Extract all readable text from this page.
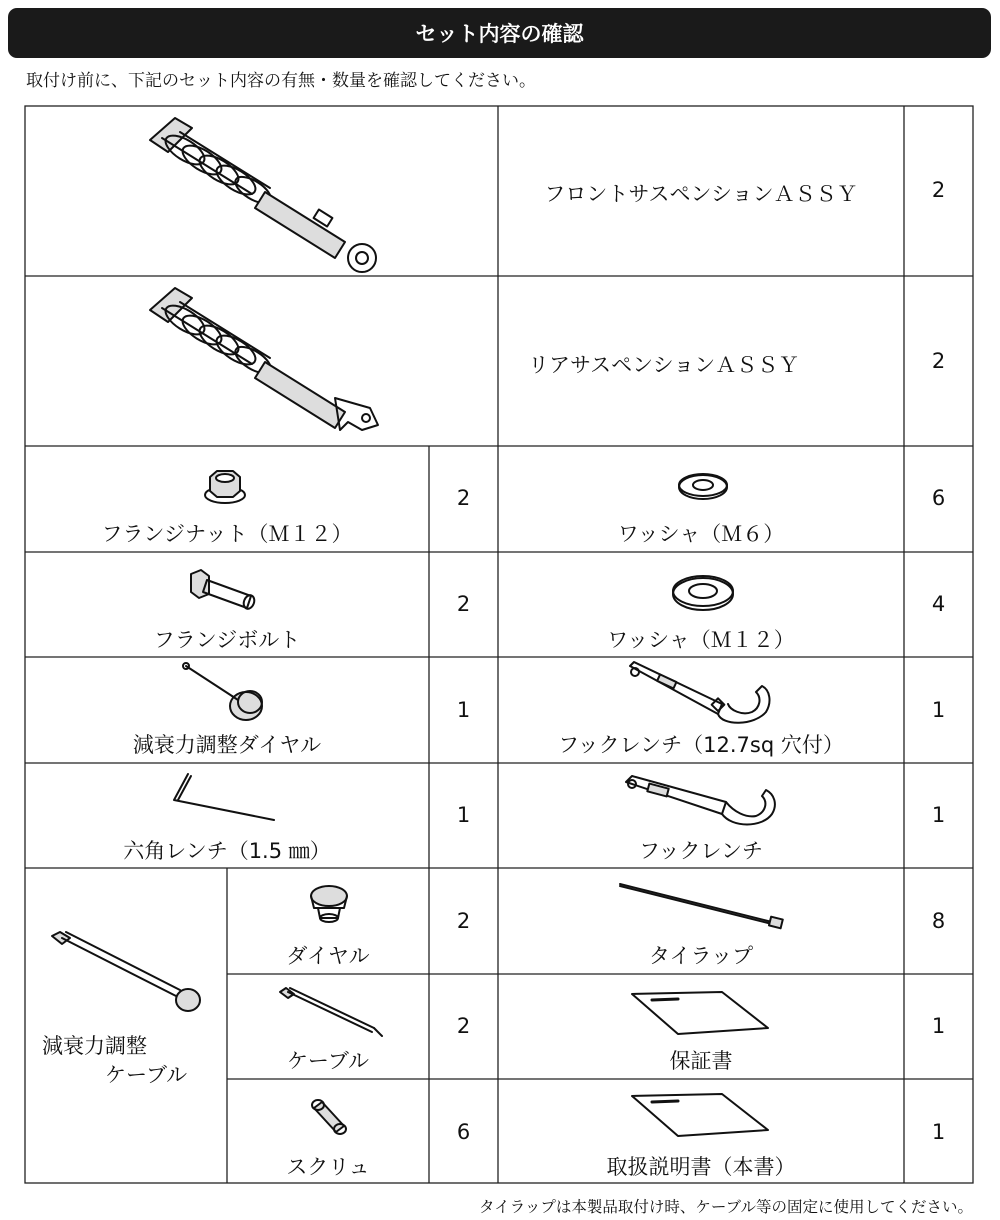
セット内容の確認
取付け前に、下記のセット内容の有無・数量を確認してください。
フロントサスペンションＡＳＳＹ	2
リアサスペンションＡＳＳＹ	2
フランジナット（Ｍ１２）
2
ワッシャ（Ｍ６）
6
フランジボルト
2
ワッシャ（Ｍ１２）
4
減衰力調整ダイヤル
1
フックレンチ（12.7sq 穴付）
1
六角レンチ（1.5 ㎜）
1
フックレンチ
1
減衰力調整
ケーブル
ダイヤル
2
タイラップ
8
ケーブル
2
保証書
1
スクリュ
6
取扱説明書（本書）
1
タイラップは本製品取付け時、ケーブル等の固定に使用してください。
